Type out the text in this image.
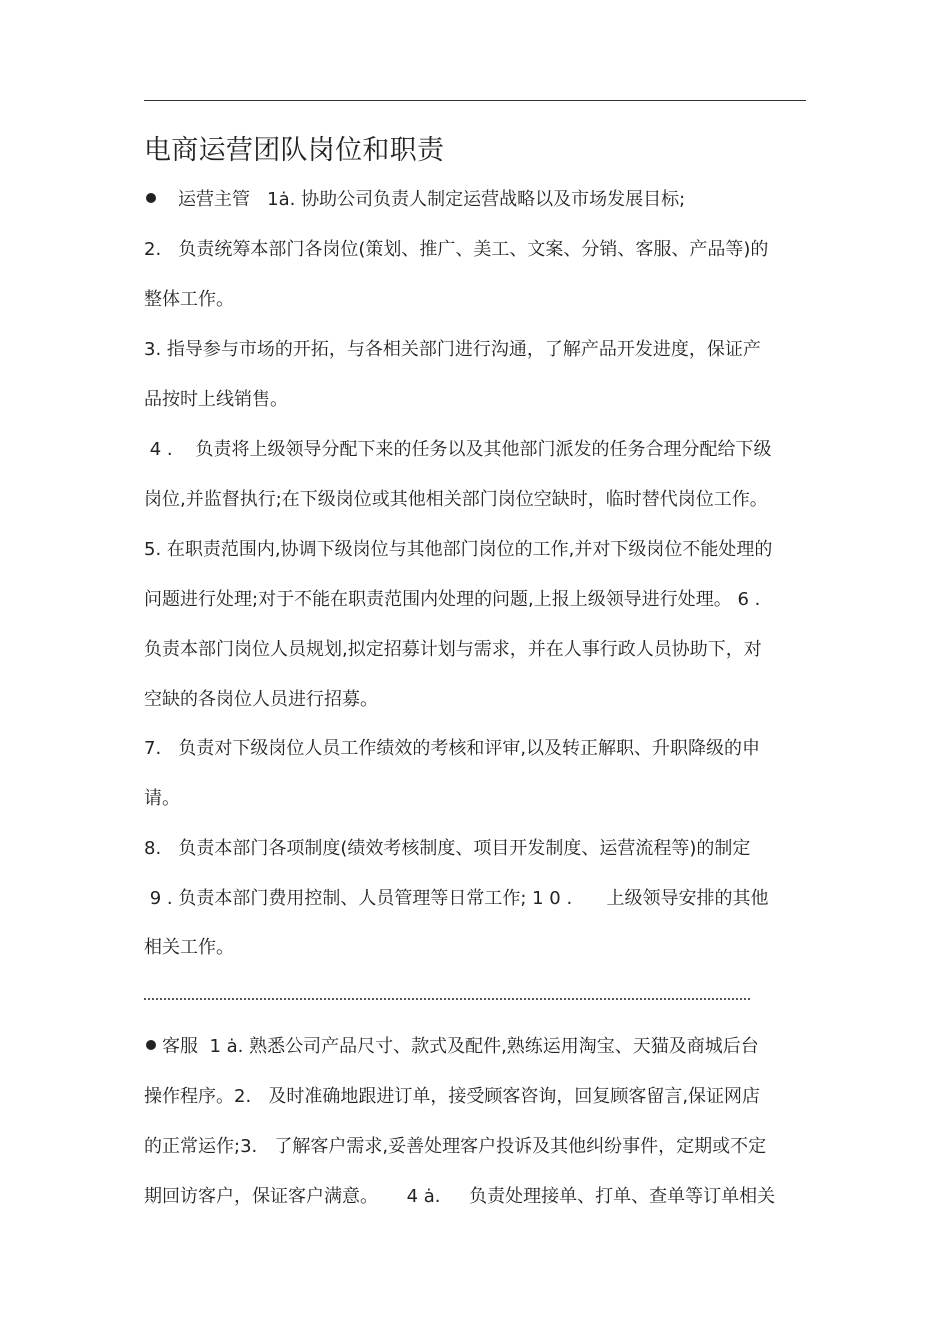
电商运营团队岗位和职责
运营主管   1ȧ. 协助公司负责人制定运营战略以及市场发展目标;
2.   负责统筹本部门各岗位(策划、推广、美工、文案、分销、客服、产品等)的
整体工作。
3. 指导参与市场的开拓，与各相关部门进行沟通，了解产品开发进度，保证产
品按时上线销售。
4 .    负责将上级领导分配下来的任务以及其他部门派发的任务合理分配给下级
岗位,并监督执行;在下级岗位或其他相关部门岗位空缺时，临时替代岗位工作。
5. 在职责范围内,协调下级岗位与其他部门岗位的工作,并对下级岗位不能处理的
问题进行处理;对于不能在职责范围内处理的问题,上报上级领导进行处理。 6 .
负责本部门岗位人员规划,拟定招募计划与需求，并在人事行政人员协助下，对
空缺的各岗位人员进行招募。
7.   负责对下级岗位人员工作绩效的考核和评审,以及转正解职、升职降级的申
请。
8.   负责本部门各项制度(绩效考核制度、项目开发制度、运营流程等)的制定
9 . 负责本部门费用控制、人员管理等日常工作; 1 0 .      上级领导安排的其他
相关工作。
客服  1 ȧ. 熟悉公司产品尺寸、款式及配件,熟练运用淘宝、天猫及商城后台
操作程序。2.   及时准确地跟进订单，接受顾客咨询，回复顾客留言,保证网店
的正常运作;3.   了解客户需求,妥善处理客户投诉及其他纠纷事件，定期或不定
期回访客户，保证客户满意。     4 ȧ.     负责处理接单、打单、查单等订单相关
